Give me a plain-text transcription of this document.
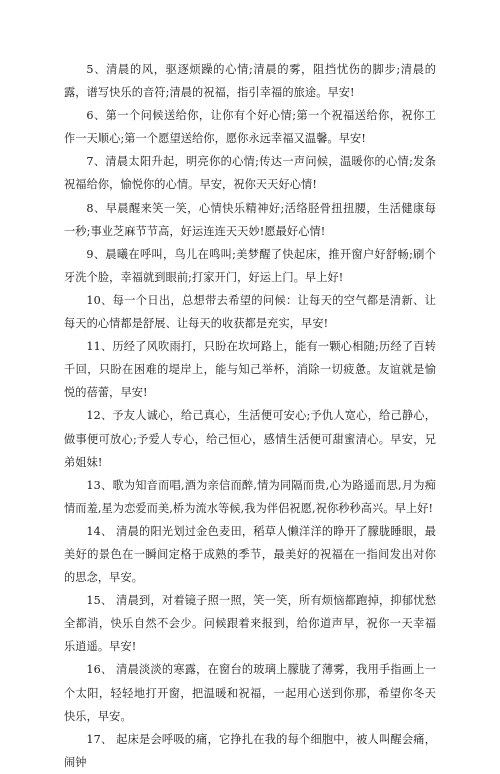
5、清晨的风，驱逐烦躁的心情;清晨的雾，阻挡忧伤的脚步;清晨的露，谱写快乐的音符;清晨的祝福，指引幸福的旅途。早安!

6、第一个问候送给你，让你有个好心情;第一个祝福送给你，祝你工作一天顺心;第一个愿望送给你，愿你永远幸福又温馨。早安!

7、清晨太阳升起，明亮你的心情;传达一声问候，温暖你的心情;发条祝福给你，愉悦你的心情。早安，祝你天天好心情!

8、早晨醒来笑一笑，心情快乐精神好;活络胫骨扭扭腰，生活健康每一秒;事业芝麻节节高，好运连连天天妙!愿最好心情!

9、晨曦在呼叫，鸟儿在鸣叫;美梦醒了快起床，推开窗户好舒畅;刷个牙洗个脸，幸福就到眼前;打家开门，好运上门。早上好!

10、每一个日出，总想带去希望的问候：让每天的空气都是清新、让每天的心情都是舒展、让每天的收获都是充实，早安!

11、历经了风吹雨打，只盼在坎坷路上，能有一颗心相随;历经了百转千回，只盼在困难的堤岸上，能与知己举杯，消除一切疲惫。友谊就是愉悦的蓓蕾，早安!

12、予友人诚心，给己真心，生活便可安心;予仇人宽心，给己静心，做事便可放心;予爱人专心，给己恒心，感情生活便可甜蜜清心。早安，兄弟姐妹!

13、歌为知音而唱,酒为亲信而醉,情为同隔而贵,心为路遥而思,月为痴情而羞,星为恋爱而美,桥为流水等候,我为伴侣祝愿,祝你秒秒高兴。早上好!

14、 清晨的阳光划过金色麦田，稻草人懒洋洋的睁开了朦胧睡眼，最美好的景色在一瞬间定格于成熟的季节，最美好的祝福在一指间发出对你的思念，早安。

15、 清晨到，对着镜子照一照，笑一笑，所有烦恼都跑掉，抑郁忧愁全都消，快乐自然不会少。问候跟着来报到，给你道声早，祝你一天幸福乐逍遥。早安!

16、 清晨淡淡的寒露，在窗台的玻璃上朦胧了薄雾，我用手指画上一个太阳，轻轻地打开窗，把温暖和祝福，一起用心送到你那，希望你冬天快乐，早安。

17、 起床是会呼吸的痛，它挣扎在我的每个细胞中，被人叫醒会痛，闹钟
